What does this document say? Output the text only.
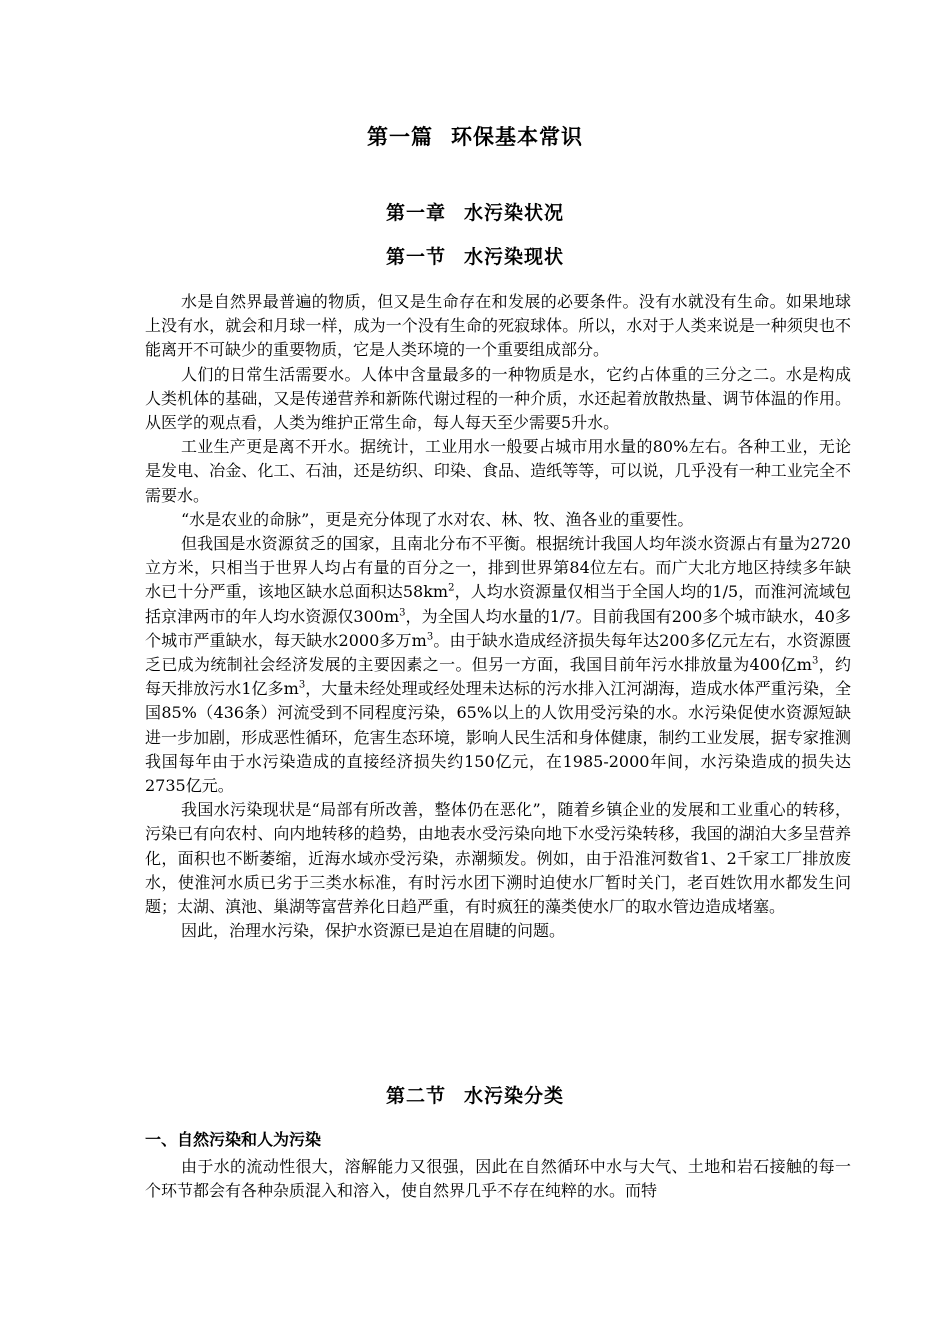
第一篇 环保基本常识
第一章 水污染状况
第一节 水污染现状

水是自然界最普遍的物质，但又是生命存在和发展的必要条件。没有水就没有生命。如果地球上没有水，就会和月球一样，成为一个没有生命的死寂球体。所以，水对于人类来说是一种须臾也不能离开不可缺少的重要物质，它是人类环境的一个重要组成部分。

人们的日常生活需要水。人体中含量最多的一种物质是水，它约占体重的三分之二。水是构成人类机体的基础，又是传递营养和新陈代谢过程的一种介质，水还起着放散热量、调节体温的作用。从医学的观点看，人类为维护正常生命，每人每天至少需要5升水。

工业生产更是离不开水。据统计，工业用水一般要占城市用水量的80%左右。各种工业，无论是发电、冶金、化工、石油，还是纺织、印染、食品、造纸等等，可以说，几乎没有一种工业完全不需要水。

“水是农业的命脉”，更是充分体现了水对农、林、牧、渔各业的重要性。

但我国是水资源贫乏的国家，且南北分布不平衡。根据统计我国人均年淡水资源占有量为2720立方米，只相当于世界人均占有量的百分之一，排到世界第84位左右。而广大北方地区持续多年缺水已十分严重，该地区缺水总面积达$58km^2$，人均水资源量仅相当于全国人均的1/5，而淮河流域包括京津两市的年人均水资源仅$300m^3$，为全国人均水量的1/7。目前我国有200多个城市缺水，40多个城市严重缺水，每天缺水2000多万$m^3$。由于缺水造成经济损失每年达200多亿元左右，水资源匮乏已成为统制社会经济发展的主要因素之一。但另一方面，我国目前年污水排放量为400亿$m^3$，约每天排放污水1亿多$m^3$，大量未经处理或经处理未达标的污水排入江河湖海，造成水体严重污染，全国85%（436条）河流受到不同程度污染，65%以上的人饮用受污染的水。水污染促使水资源短缺进一步加剧，形成恶性循环，危害生态环境，影响人民生活和身体健康，制约工业发展，据专家推测我国每年由于水污染造成的直接经济损失约150亿元，在1985-2000年间，水污染造成的损失达2735亿元。

我国水污染现状是“局部有所改善，整体仍在恶化”，随着乡镇企业的发展和工业重心的转移，污染已有向农村、向内地转移的趋势，由地表水受污染向地下水受污染转移，我国的湖泊大多呈营养化，面积也不断萎缩，近海水域亦受污染，赤潮频发。例如，由于沿淮河数省1、2千家工厂排放废水，使淮河水质已劣于三类水标准，有时污水团下溯时迫使水厂暂时关门，老百姓饮用水都发生问题；太湖、滇池、巢湖等富营养化日趋严重，有时疯狂的藻类使水厂的取水管边造成堵塞。

因此，治理水污染，保护水资源已是迫在眉睫的问题。

第二节 水污染分类
一、自然污染和人为污染

由于水的流动性很大，溶解能力又很强，因此在自然循环中水与大气、土地和岩石接触的每一个环节都会有各种杂质混入和溶入，使自然界几乎不存在纯粹的水。而特
